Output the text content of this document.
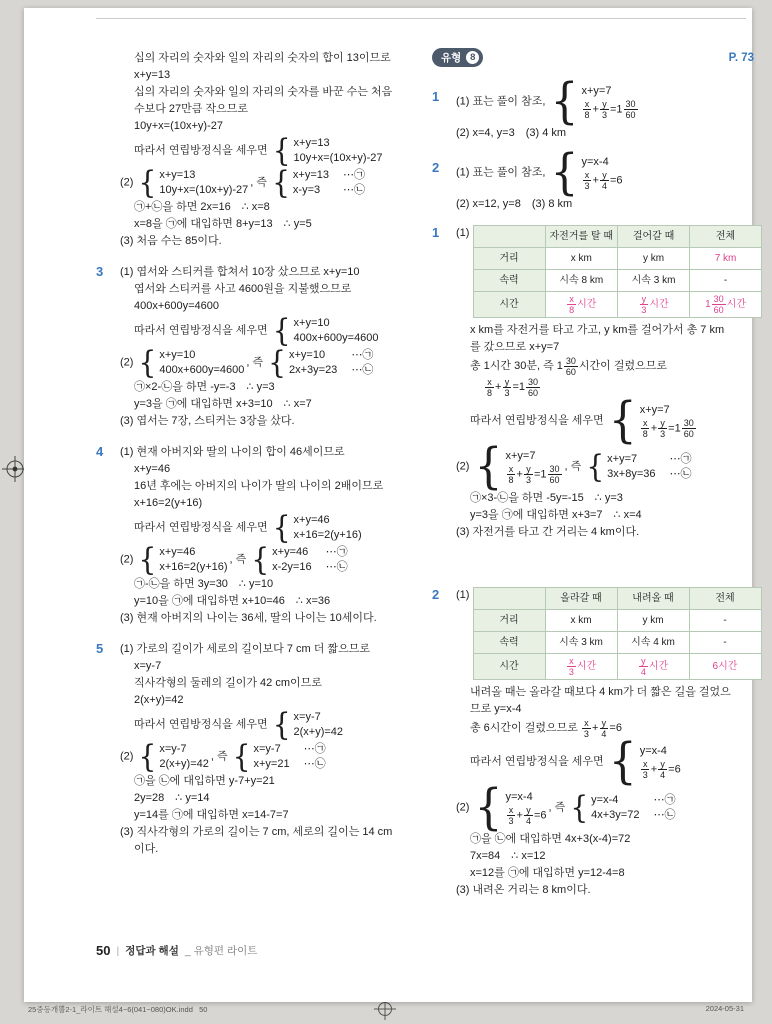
십의 자리의 숫자와 일의 자리의 숫자의 합이 13이므로
x+y=13
십의 자리의 숫자와 일의 자리의 숫자를 바꾼 수는 처음
수보다 27만큼 작으므로
10y+x=(10x+y)-27
따라서 연립방정식을 세우면 { x+y=13
10y+x=(10x+y)-27
(2) { x+y=13
10y+x=(10x+y)-27
, 즉 { x+y=13	⋯㉠
x-y=3	⋯㉡
㉠+㉡을 하면 2x=16 ∴ x=8
x=8을 ㉠에 대입하면 8+y=13 ∴ y=5
(3) 처음 수는 85이다.
3	(1) 엽서와 스티커를 합쳐서 10장 샀으므로 x+y=10
엽서와 스티커를 사고 4600원을 지불했으므로
400x+600y=4600
따라서 연립방정식을 세우면 { x+y=10
400x+600y=4600
(2) { x+y=10
400x+600y=4600
, 즉 { x+y=10	⋯㉠
2x+3y=23	⋯㉡
㉠×2-㉡을 하면 -y=-3 ∴ y=3
y=3을 ㉠에 대입하면 x+3=10 ∴ x=7
(3) 엽서는 7장, 스티커는 3장을 샀다.
4	(1) 현재 아버지와 딸의 나이의 합이 46세이므로
x+y=46
16년 후에는 아버지의 나이가 딸의 나이의 2배이므로
x+16=2(y+16)
따라서 연립방정식을 세우면 { x+y=46
x+16=2(y+16)
(2) { x+y=46
x+16=2(y+16)
, 즉 { x+y=46	⋯㉠
x-2y=16	⋯㉡
㉠-㉡을 하면 3y=30 ∴ y=10
y=10을 ㉠에 대입하면 x+10=46 ∴ x=36
(3) 현재 아버지의 나이는 36세, 딸의 나이는 10세이다.
5	(1) 가로의 길이가 세로의 길이보다 7 cm 더 짧으므로
x=y-7
직사각형의 둘레의 길이가 42 cm이므로
2(x+y)=42
따라서 연립방정식을 세우면 { x=y-7
2(x+y)=42
(2) { x=y-7
2(x+y)=42
, 즉 { x=y-7	⋯㉠
x+y=21	⋯㉡
㉠을 ㉡에 대입하면 y-7+y=21
2y=28 ∴ y=14
y=14를 ㉠에 대입하면 x=14-7=7
(3) 직사각형의 가로의 길이는 7 cm, 세로의 길이는 14 cm
이다.
유형 8	P. 73
1	(1) 표는 풀이 참조, { x+y=7
$\frac{x}{8} + \frac{y}{3} =1 \frac{30}{60}$
(2) x=4, y=3 (3) 4 km
2	(1) 표는 풀이 참조, { y=x-4
$\frac{x}{3} + \frac{y}{4} =6$
(2) x=12, y=8 (3) 8 km
1	(1)		자전거를 탈 때	걸어갈 때	전체
거리	x km	y km	7 km
속력	시속 8 km	시속 3 km	-
시간	$\frac{x}{8}$ 시간	$\frac{y}{3}$ 시간	$1 \frac{30}{60}$ 시간
x km를 자전거를 타고 가고, y km를 걸어가서 총 7 km
를 갔으므로 x+y=7
총 1시간 30분, 즉 $1 \frac{30}{60}$ 시간이 걸렸으므로
$\frac{x}{8} + \frac{y}{3} =1 \frac{30}{60}$
따라서 연립방정식을 세우면 { x+y=7
$\frac{x}{8} + \frac{y}{3} =1 \frac{30}{60}$
(2) { x+y=7
$\frac{x}{8} + \frac{y}{3} =1 \frac{30}{60}$ , 즉 { x+y=7	⋯㉠
3x+8y=36	⋯㉡
㉠×3-㉡을 하면 -5y=-15 ∴ y=3
y=3을 ㉠에 대입하면 x+3=7 ∴ x=4
(3) 자전거를 타고 간 거리는 4 km이다.
2	(1)		올라갈 때	내려올 때	전체
거리	x km	y km	-
속력	시속 3 km	시속 4 km	-
시간	$\frac{x}{3}$ 시간	$\frac{y}{4}$ 시간	6시간
내려올 때는 올라갈 때보다 4 km가 더 짧은 길을 걸었으
므로 y=x-4
총 6시간이 걸렸으므로 $\frac{x}{3} + \frac{y}{4} =6$
따라서 연립방정식을 세우면 { y=x-4
$\frac{x}{3} + \frac{y}{4} =6$
(2) { y=x-4
$\frac{x}{3} + \frac{y}{4} =6$
, 즉 { y=x-4	⋯㉠
4x+3y=72	⋯㉡
㉠을 ㉡에 대입하면 4x+3(x-4)=72
7x=84 ∴ x=12
x=12를 ㉠에 대입하면 y=12-4=8
(3) 내려온 거리는 8 km이다.
50 | 정답과 해설 _ 유형편 라이트
25중등개뿔2-1_라이트 해설4~6(041~080)OK.indd   50	2024-05-31
